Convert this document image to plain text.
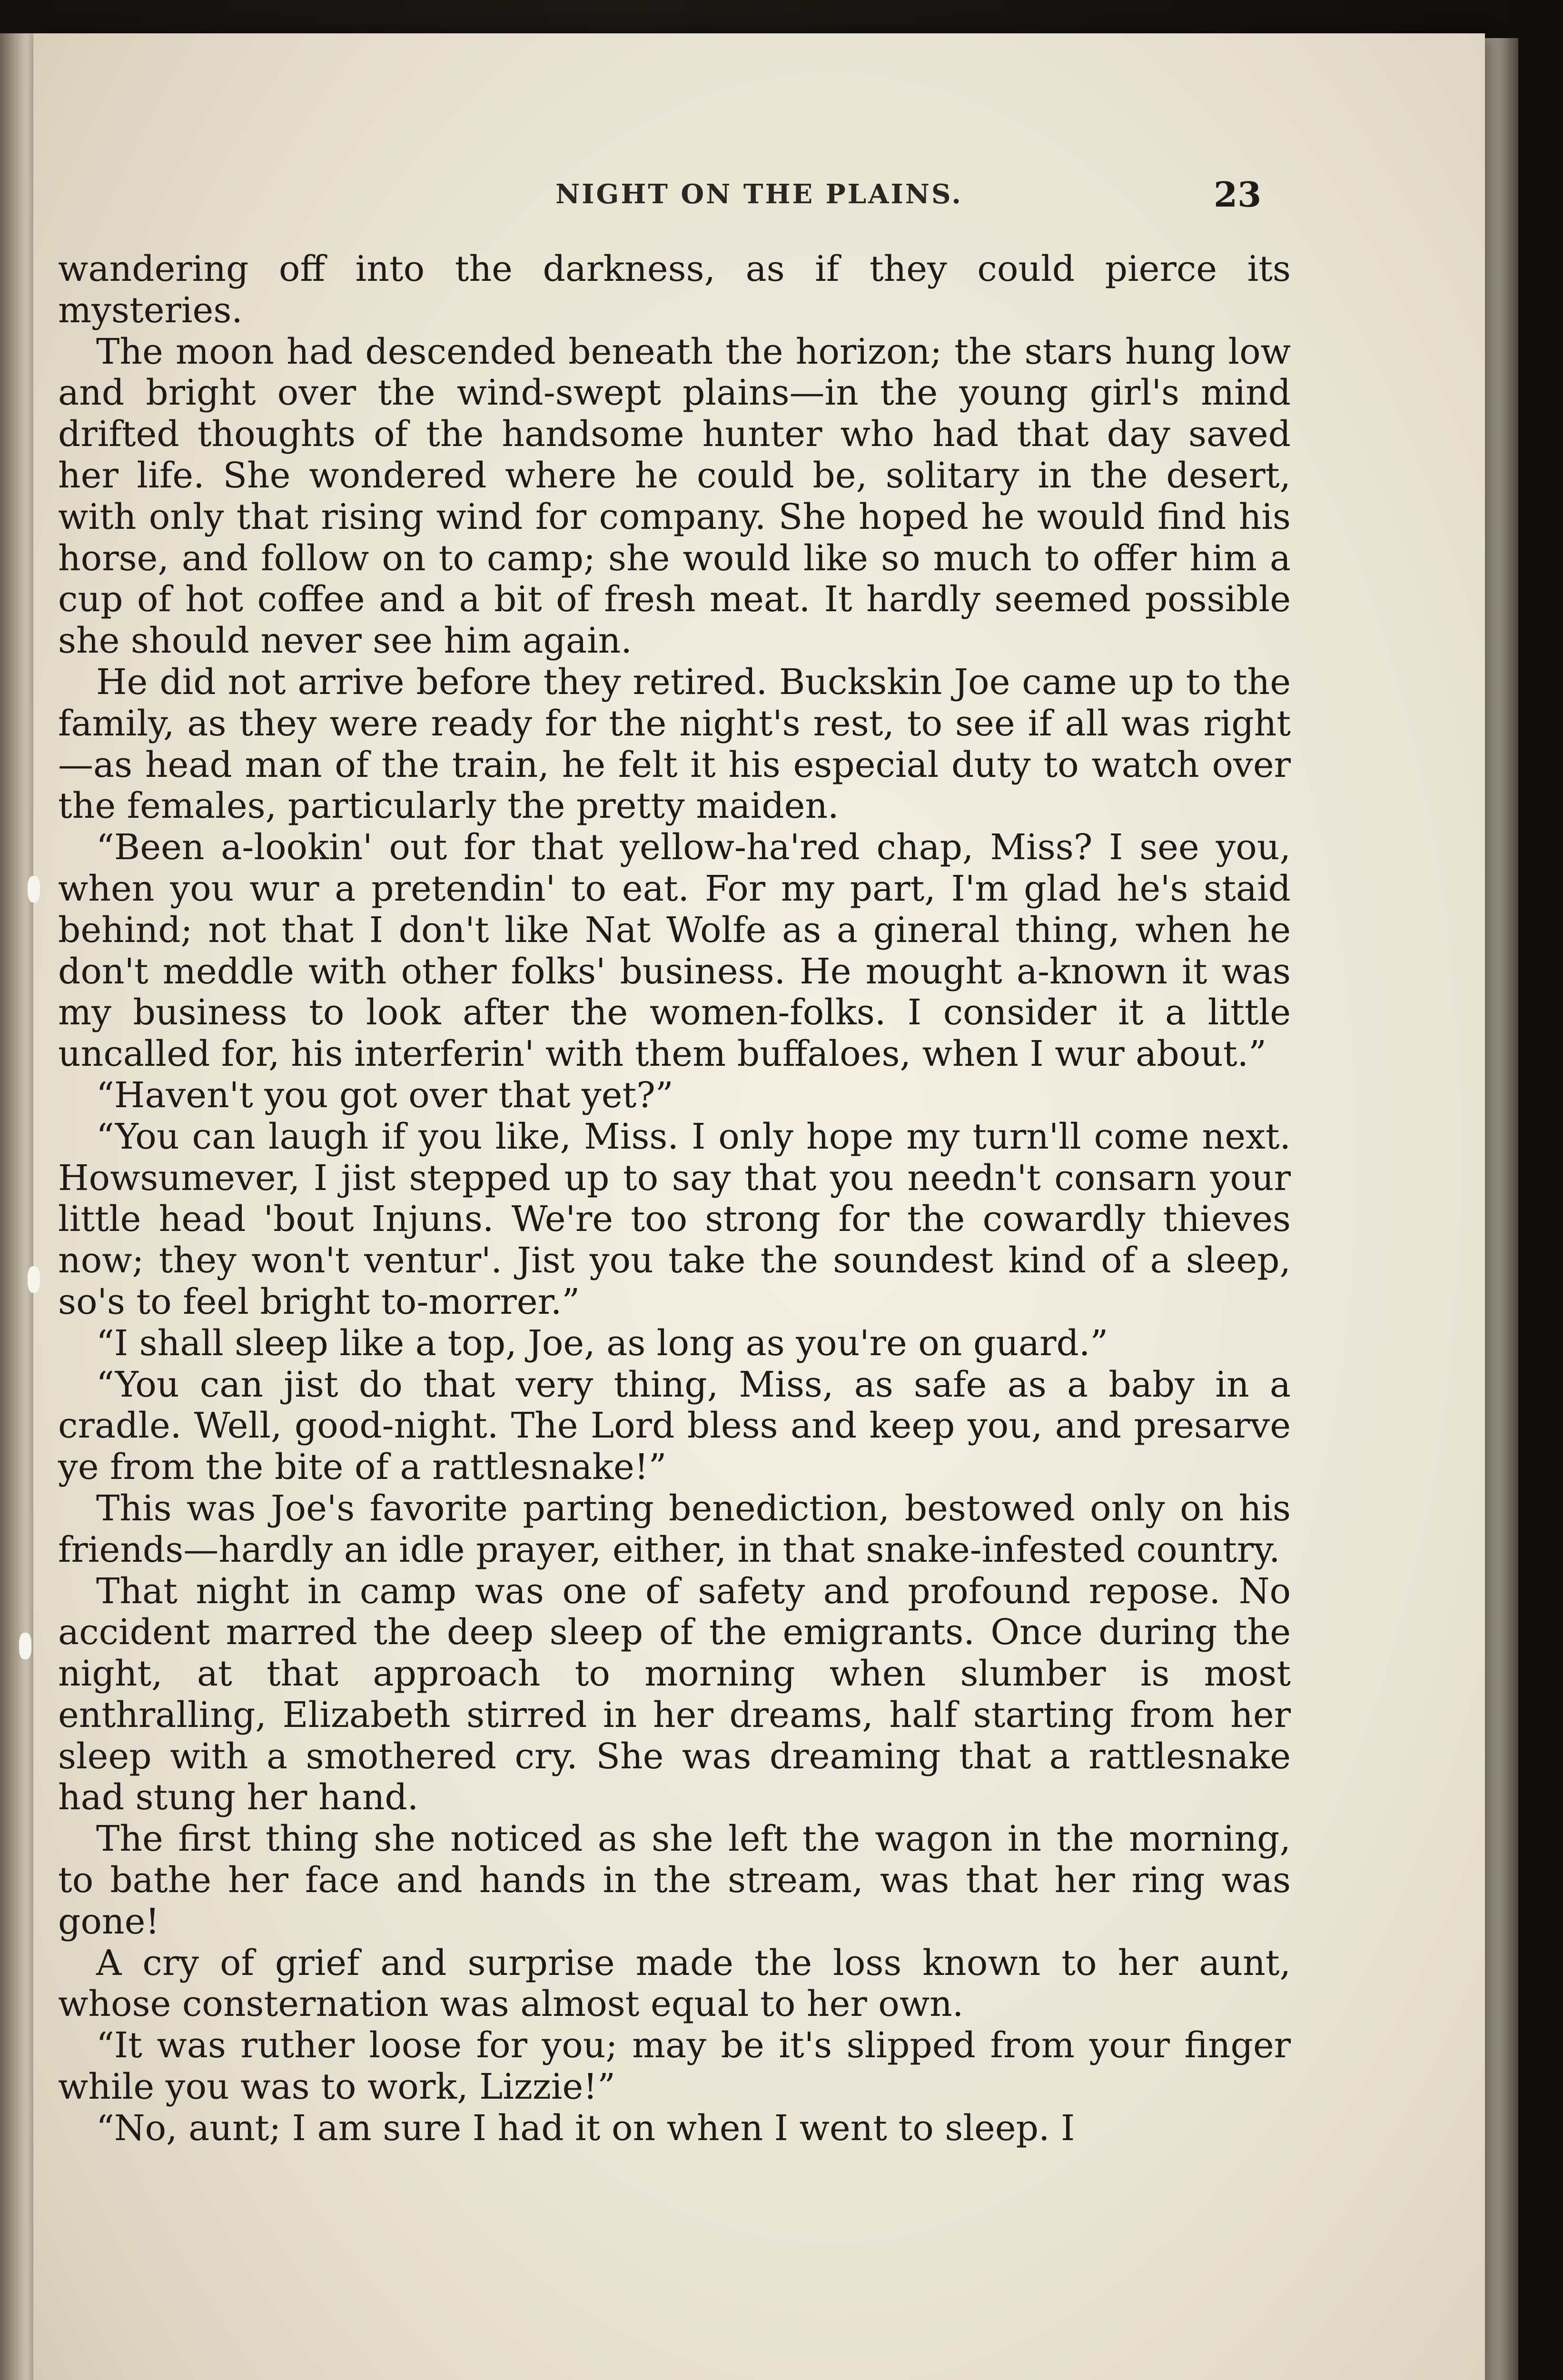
NIGHT ON THE PLAINS.	23

wandering off into the darkness, as if they could pierce its mysteries.

The moon had descended beneath the horizon; the stars hung low and bright over the wind-swept plains—in the young girl's mind drifted thoughts of the handsome hunter who had that day saved her life. She wondered where he could be, solitary in the desert, with only that rising wind for company. She hoped he would find his horse, and follow on to camp; she would like so much to offer him a cup of hot coffee and a bit of fresh meat. It hardly seemed possible she should never see him again.

He did not arrive before they retired. Buckskin Joe came up to the family, as they were ready for the night's rest, to see if all was right—as head man of the train, he felt it his especial duty to watch over the females, particularly the pretty maiden.

“Been a-lookin' out for that yellow-ha'red chap, Miss? I see you, when you wur a pretendin' to eat. For my part, I'm glad he's staid behind; not that I don't like Nat Wolfe as a gineral thing, when he don't meddle with other folks' business. He mought a-known it was my business to look after the women-folks. I consider it a little uncalled for, his interferin' with them buffaloes, when I wur about.”

“Haven't you got over that yet?”

“You can laugh if you like, Miss. I only hope my turn'll come next. Howsumever, I jist stepped up to say that you needn't consarn your little head 'bout Injuns. We're too strong for the cowardly thieves now; they won't ventur'. Jist you take the soundest kind of a sleep, so's to feel bright to-morrer.”

“I shall sleep like a top, Joe, as long as you're on guard.”

“You can jist do that very thing, Miss, as safe as a baby in a cradle. Well, good-night. The Lord bless and keep you, and presarve ye from the bite of a rattlesnake!”

This was Joe's favorite parting benediction, bestowed only on his friends—hardly an idle prayer, either, in that snake-infested country.

That night in camp was one of safety and profound repose. No accident marred the deep sleep of the emigrants. Once during the night, at that approach to morning when slumber is most enthralling, Elizabeth stirred in her dreams, half starting from her sleep with a smothered cry. She was dreaming that a rattlesnake had stung her hand.

The first thing she noticed as she left the wagon in the morning, to bathe her face and hands in the stream, was that her ring was gone!

A cry of grief and surprise made the loss known to her aunt, whose consternation was almost equal to her own.

“It was ruther loose for you; may be it's slipped from your finger while you was to work, Lizzie!”

“No, aunt; I am sure I had it on when I went to sleep. I
